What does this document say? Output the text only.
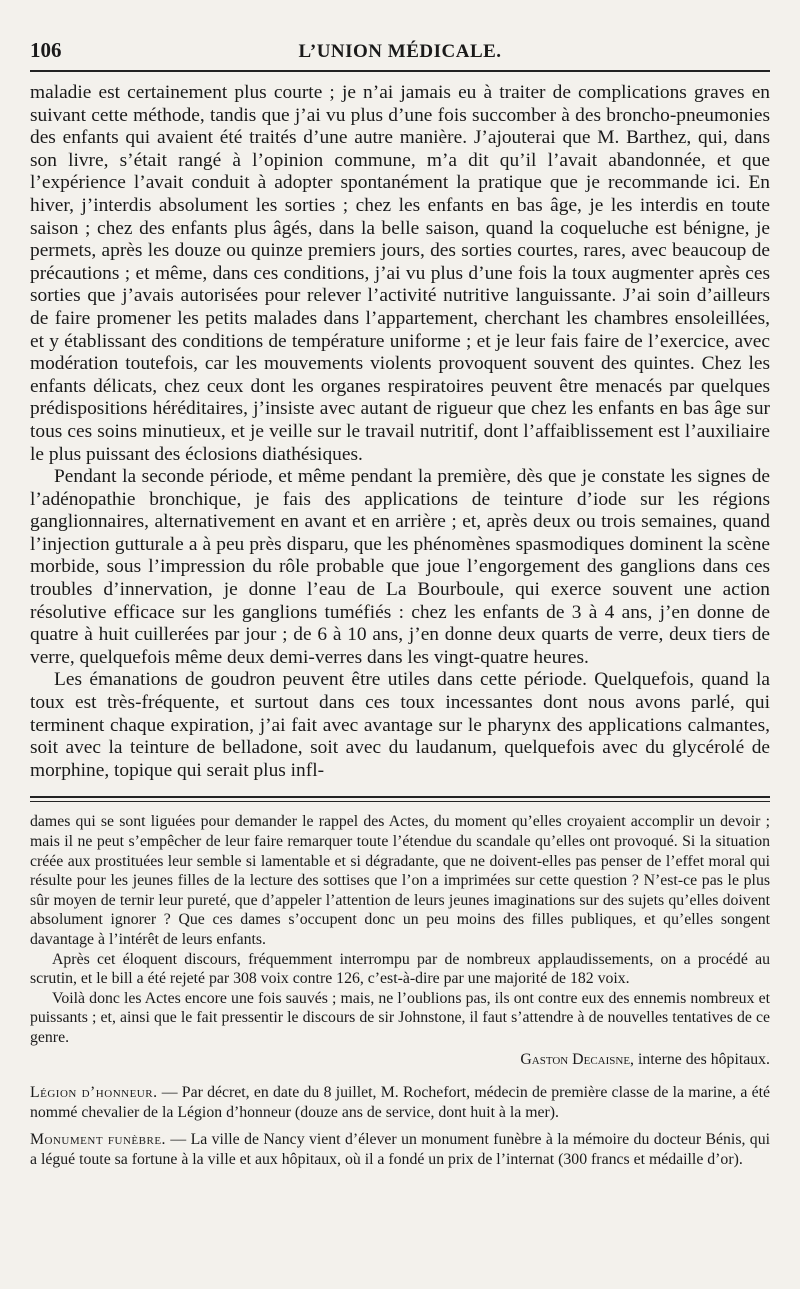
106	L’UNION MÉDICALE.

maladie est certainement plus courte ; je n’ai jamais eu à traiter de complications graves en suivant cette méthode, tandis que j’ai vu plus d’une fois succomber à des broncho-pneumonies des enfants qui avaient été traités d’une autre manière. J’ajouterai que M. Barthez, qui, dans son livre, s’était rangé à l’opinion commune, m’a dit qu’il l’avait abandonnée, et que l’expérience l’avait conduit à adopter spontanément la pratique que je recommande ici. En hiver, j’interdis absolument les sorties ; chez les enfants en bas âge, je les interdis en toute saison ; chez des enfants plus âgés, dans la belle saison, quand la coqueluche est bénigne, je permets, après les douze ou quinze premiers jours, des sorties courtes, rares, avec beaucoup de précautions ; et même, dans ces conditions, j’ai vu plus d’une fois la toux augmenter après ces sorties que j’avais autorisées pour relever l’activité nutritive languissante. J’ai soin d’ailleurs de faire promener les petits malades dans l’appartement, cherchant les chambres ensoleillées, et y établissant des conditions de température uniforme ; et je leur fais faire de l’exercice, avec modération toutefois, car les mouvements violents provoquent souvent des quintes. Chez les enfants délicats, chez ceux dont les organes respiratoires peuvent être menacés par quelques prédispositions héréditaires, j’insiste avec autant de rigueur que chez les enfants en bas âge sur tous ces soins minutieux, et je veille sur le travail nutritif, dont l’affaiblissement est l’auxiliaire le plus puissant des éclosions diathésiques.

Pendant la seconde période, et même pendant la première, dès que je constate les signes de l’adénopathie bronchique, je fais des applications de teinture d’iode sur les régions ganglionnaires, alternativement en avant et en arrière ; et, après deux ou trois semaines, quand l’injection gutturale a à peu près disparu, que les phénomènes spasmodiques dominent la scène morbide, sous l’impression du rôle probable que joue l’engorgement des ganglions dans ces troubles d’innervation, je donne l’eau de La Bourboule, qui exerce souvent une action résolutive efficace sur les ganglions tuméfiés : chez les enfants de 3 à 4 ans, j’en donne de quatre à huit cuillerées par jour ; de 6 à 10 ans, j’en donne deux quarts de verre, deux tiers de verre, quelquefois même deux demi-verres dans les vingt-quatre heures.

Les émanations de goudron peuvent être utiles dans cette période. Quelquefois, quand la toux est très-fréquente, et surtout dans ces toux incessantes dont nous avons parlé, qui terminent chaque expiration, j’ai fait avec avantage sur le pharynx des applications calmantes, soit avec la teinture de belladone, soit avec du laudanum, quelquefois avec du glycérolé de morphine, topique qui serait plus infl-

dames qui se sont liguées pour demander le rappel des Actes, du moment qu’elles croyaient accomplir un devoir ; mais il ne peut s’empêcher de leur faire remarquer toute l’étendue du scandale qu’elles ont provoqué. Si la situation créée aux prostituées leur semble si lamentable et si dégradante, que ne doivent-elles pas penser de l’effet moral qui résulte pour les jeunes filles de la lecture des sottises que l’on a imprimées sur cette question ? N’est-ce pas le plus sûr moyen de ternir leur pureté, que d’appeler l’attention de leurs jeunes imaginations sur des sujets qu’elles doivent absolument ignorer ? Que ces dames s’occupent donc un peu moins des filles publiques, et qu’elles songent davantage à l’intérêt de leurs enfants.

Après cet éloquent discours, fréquemment interrompu par de nombreux applaudissements, on a procédé au scrutin, et le bill a été rejeté par 308 voix contre 126, c’est-à-dire par une majorité de 182 voix.

Voilà donc les Actes encore une fois sauvés ; mais, ne l’oublions pas, ils ont contre eux des ennemis nombreux et puissants ; et, ainsi que le fait pressentir le discours de sir Johnstone, il faut s’attendre à de nouvelles tentatives de ce genre.

Gaston Decaisne, interne des hôpitaux.

Légion d’honneur. — Par décret, en date du 8 juillet, M. Rochefort, médecin de première classe de la marine, a été nommé chevalier de la Légion d’honneur (douze ans de service, dont huit à la mer).

Monument funèbre. — La ville de Nancy vient d’élever un monument funèbre à la mémoire du docteur Bénis, qui a légué toute sa fortune à la ville et aux hôpitaux, où il a fondé un prix de l’internat (300 francs et médaille d’or).
